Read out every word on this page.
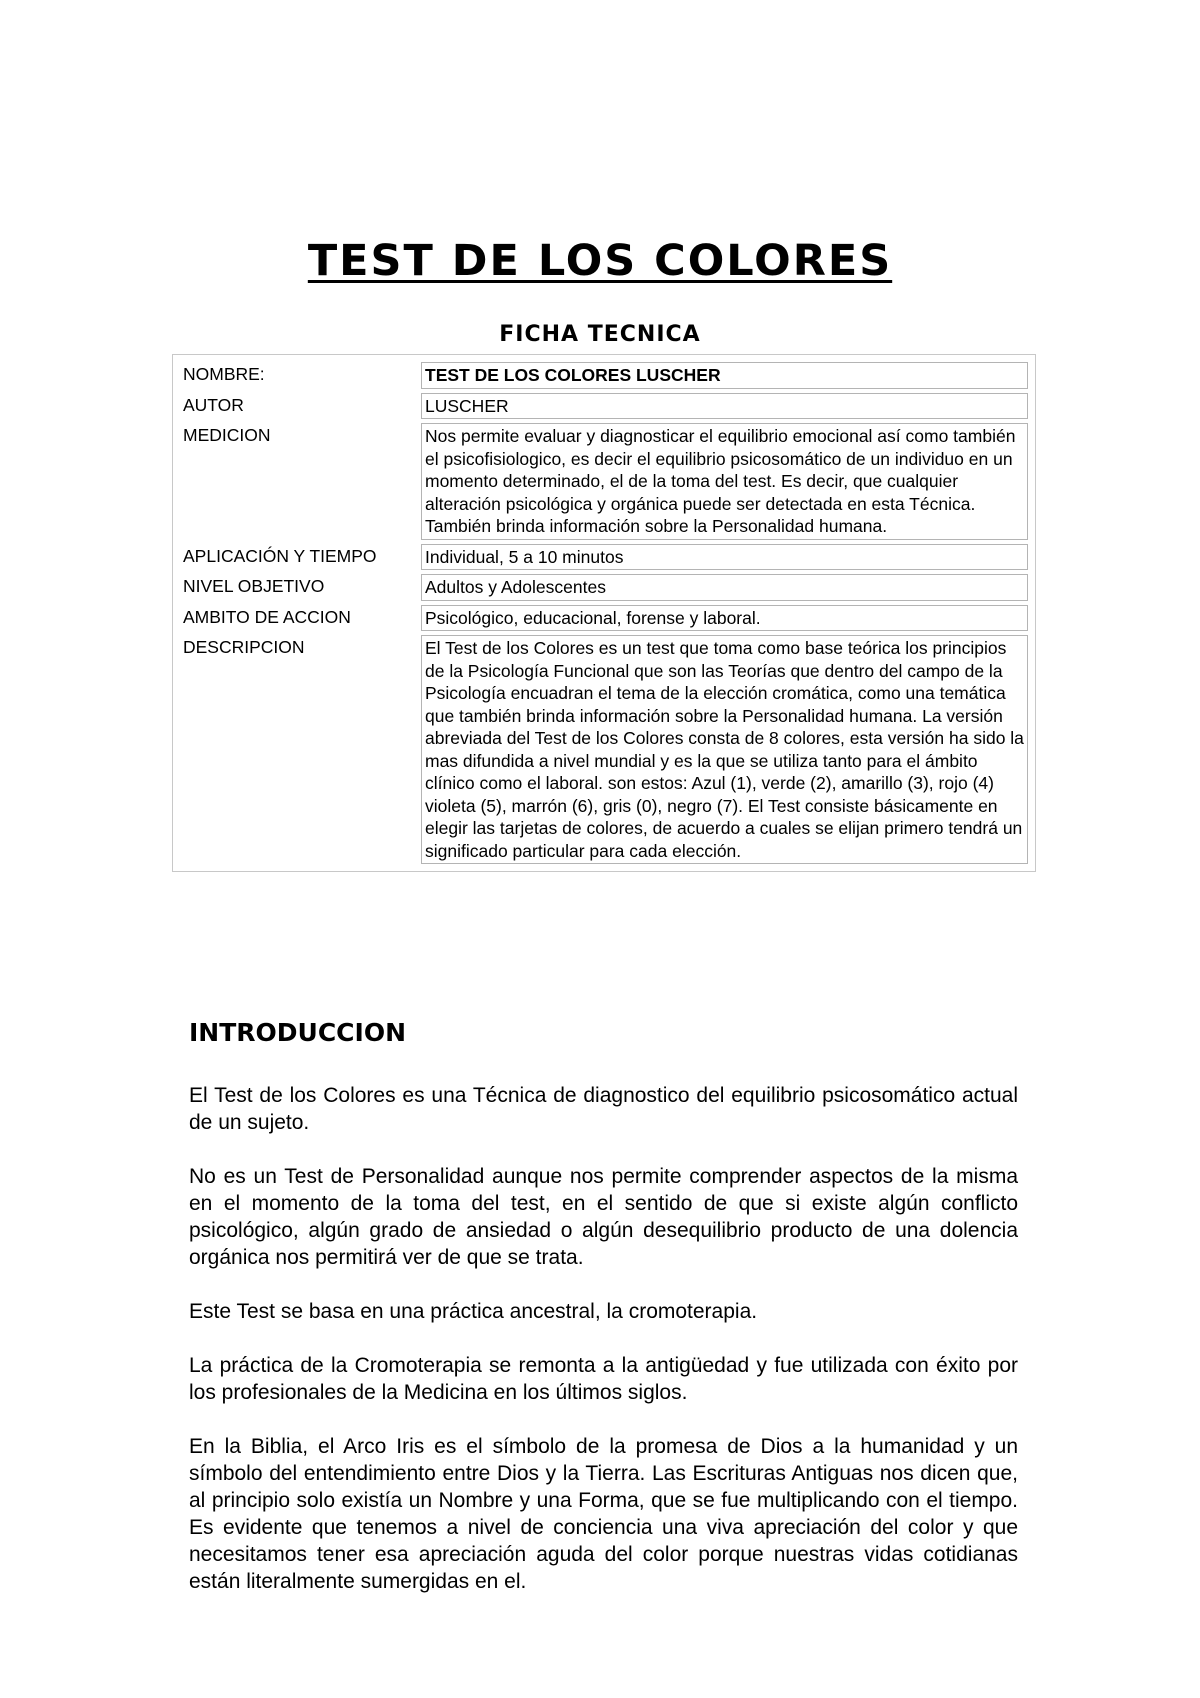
TEST DE LOS COLORES
FICHA TECNICA
NOMBRE:	TEST DE LOS COLORES LUSCHER
AUTOR	LUSCHER
MEDICION	Nos permite evaluar y diagnosticar el equilibrio emocional así como también el psicofisiologico, es decir el equilibrio psicosomático de un individuo en un momento determinado, el de la toma del test. Es decir, que cualquier alteración psicológica y orgánica puede ser detectada en esta Técnica. También brinda información sobre la Personalidad humana.
APLICACIÓN Y TIEMPO	Individual, 5 a 10 minutos
NIVEL OBJETIVO	Adultos y Adolescentes
AMBITO DE ACCION	Psicológico, educacional, forense y laboral.
DESCRIPCION	El Test de los Colores es un test que toma como base teórica los principios de la Psicología Funcional que son las Teorías que dentro del campo de la Psicología encuadran el tema de la elección cromática, como una temática que también brinda información sobre la Personalidad humana. La versión abreviada del Test de los Colores consta de 8 colores, esta versión ha sido la mas difundida a nivel mundial y es la que se utiliza tanto para el ámbito clínico como el laboral. son estos: Azul (1), verde (2), amarillo (3), rojo (4) violeta (5), marrón (6), gris (0), negro (7). El Test consiste básicamente en elegir las tarjetas de colores, de acuerdo a cuales se elijan primero tendrá un significado particular para cada elección.
INTRODUCCION

El Test de los Colores es una Técnica de diagnostico del equilibrio psicosomático actual de un sujeto.

No es un Test de Personalidad aunque nos permite comprender aspectos de la misma en el momento de la toma del test, en el sentido de que si existe algún conflicto psicológico, algún grado de ansiedad o algún desequilibrio producto de una dolencia orgánica nos permitirá ver de que se trata.

Este Test se basa en una práctica ancestral, la cromoterapia.

La práctica de la Cromoterapia se remonta a la antigüedad y fue utilizada con éxito por los profesionales de la Medicina en los últimos siglos.

En la Biblia, el Arco Iris es el símbolo de la promesa de Dios a la humanidad y un símbolo del entendimiento entre Dios y la Tierra. Las Escrituras Antiguas nos dicen que, al principio solo existía un Nombre y una Forma, que se fue multiplicando con el tiempo. Es evidente que tenemos a nivel de conciencia una viva apreciación del color y que necesitamos tener esa apreciación aguda del color porque nuestras vidas cotidianas están literalmente sumergidas en el.
